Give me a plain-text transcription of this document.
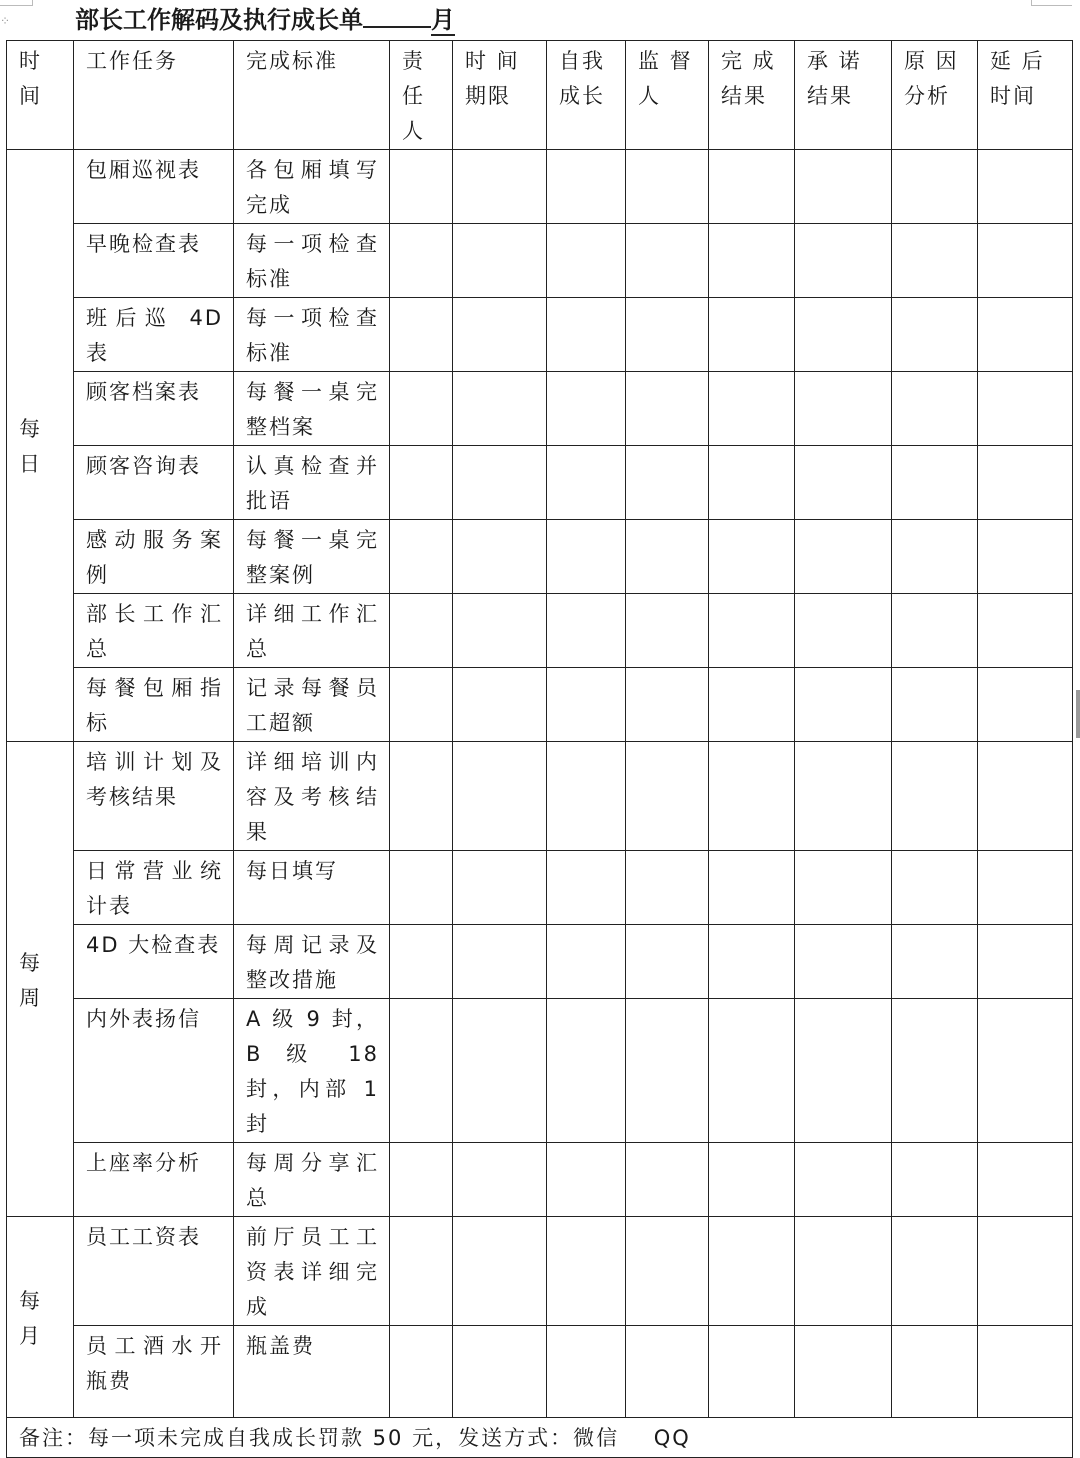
⁘	部长工作解码及执行成长单	月
时间	工作任务	完成标准	责任人	时 间 期限	自我成长	监 督 人	完 成 结果	承 诺 结果	原 因 分析	延 后 时间
每日	包厢巡视表	各包厢填写完成								
	早晚检查表	每一项检查标准								
	班后巡 4D 表	每一项检查标准								
	顾客档案表	每餐一桌完整档案								
	顾客咨询表	认真检查并批语								
	感动服务案例	每餐一桌完整案例								
	部长工作汇总	详细工作汇总								
	每餐包厢指标	记录每餐员工超额								
每周	培训计划及考核结果	详细培训内容及考核结果								
	日常营业统计表	每日填写								
	4D 大检查表	每周记录及整改措施								
	内外表扬信	A 级 9 封，B 级 18 封，内部 1 封								
	上座率分析	每周分享汇总								
每月	员工工资表	前厅员工工资表详细完成								
	员工酒水开瓶费	瓶盖费								
备注：每一项未完成自我成长罚款 50 元，发送方式：微信    QQ										
